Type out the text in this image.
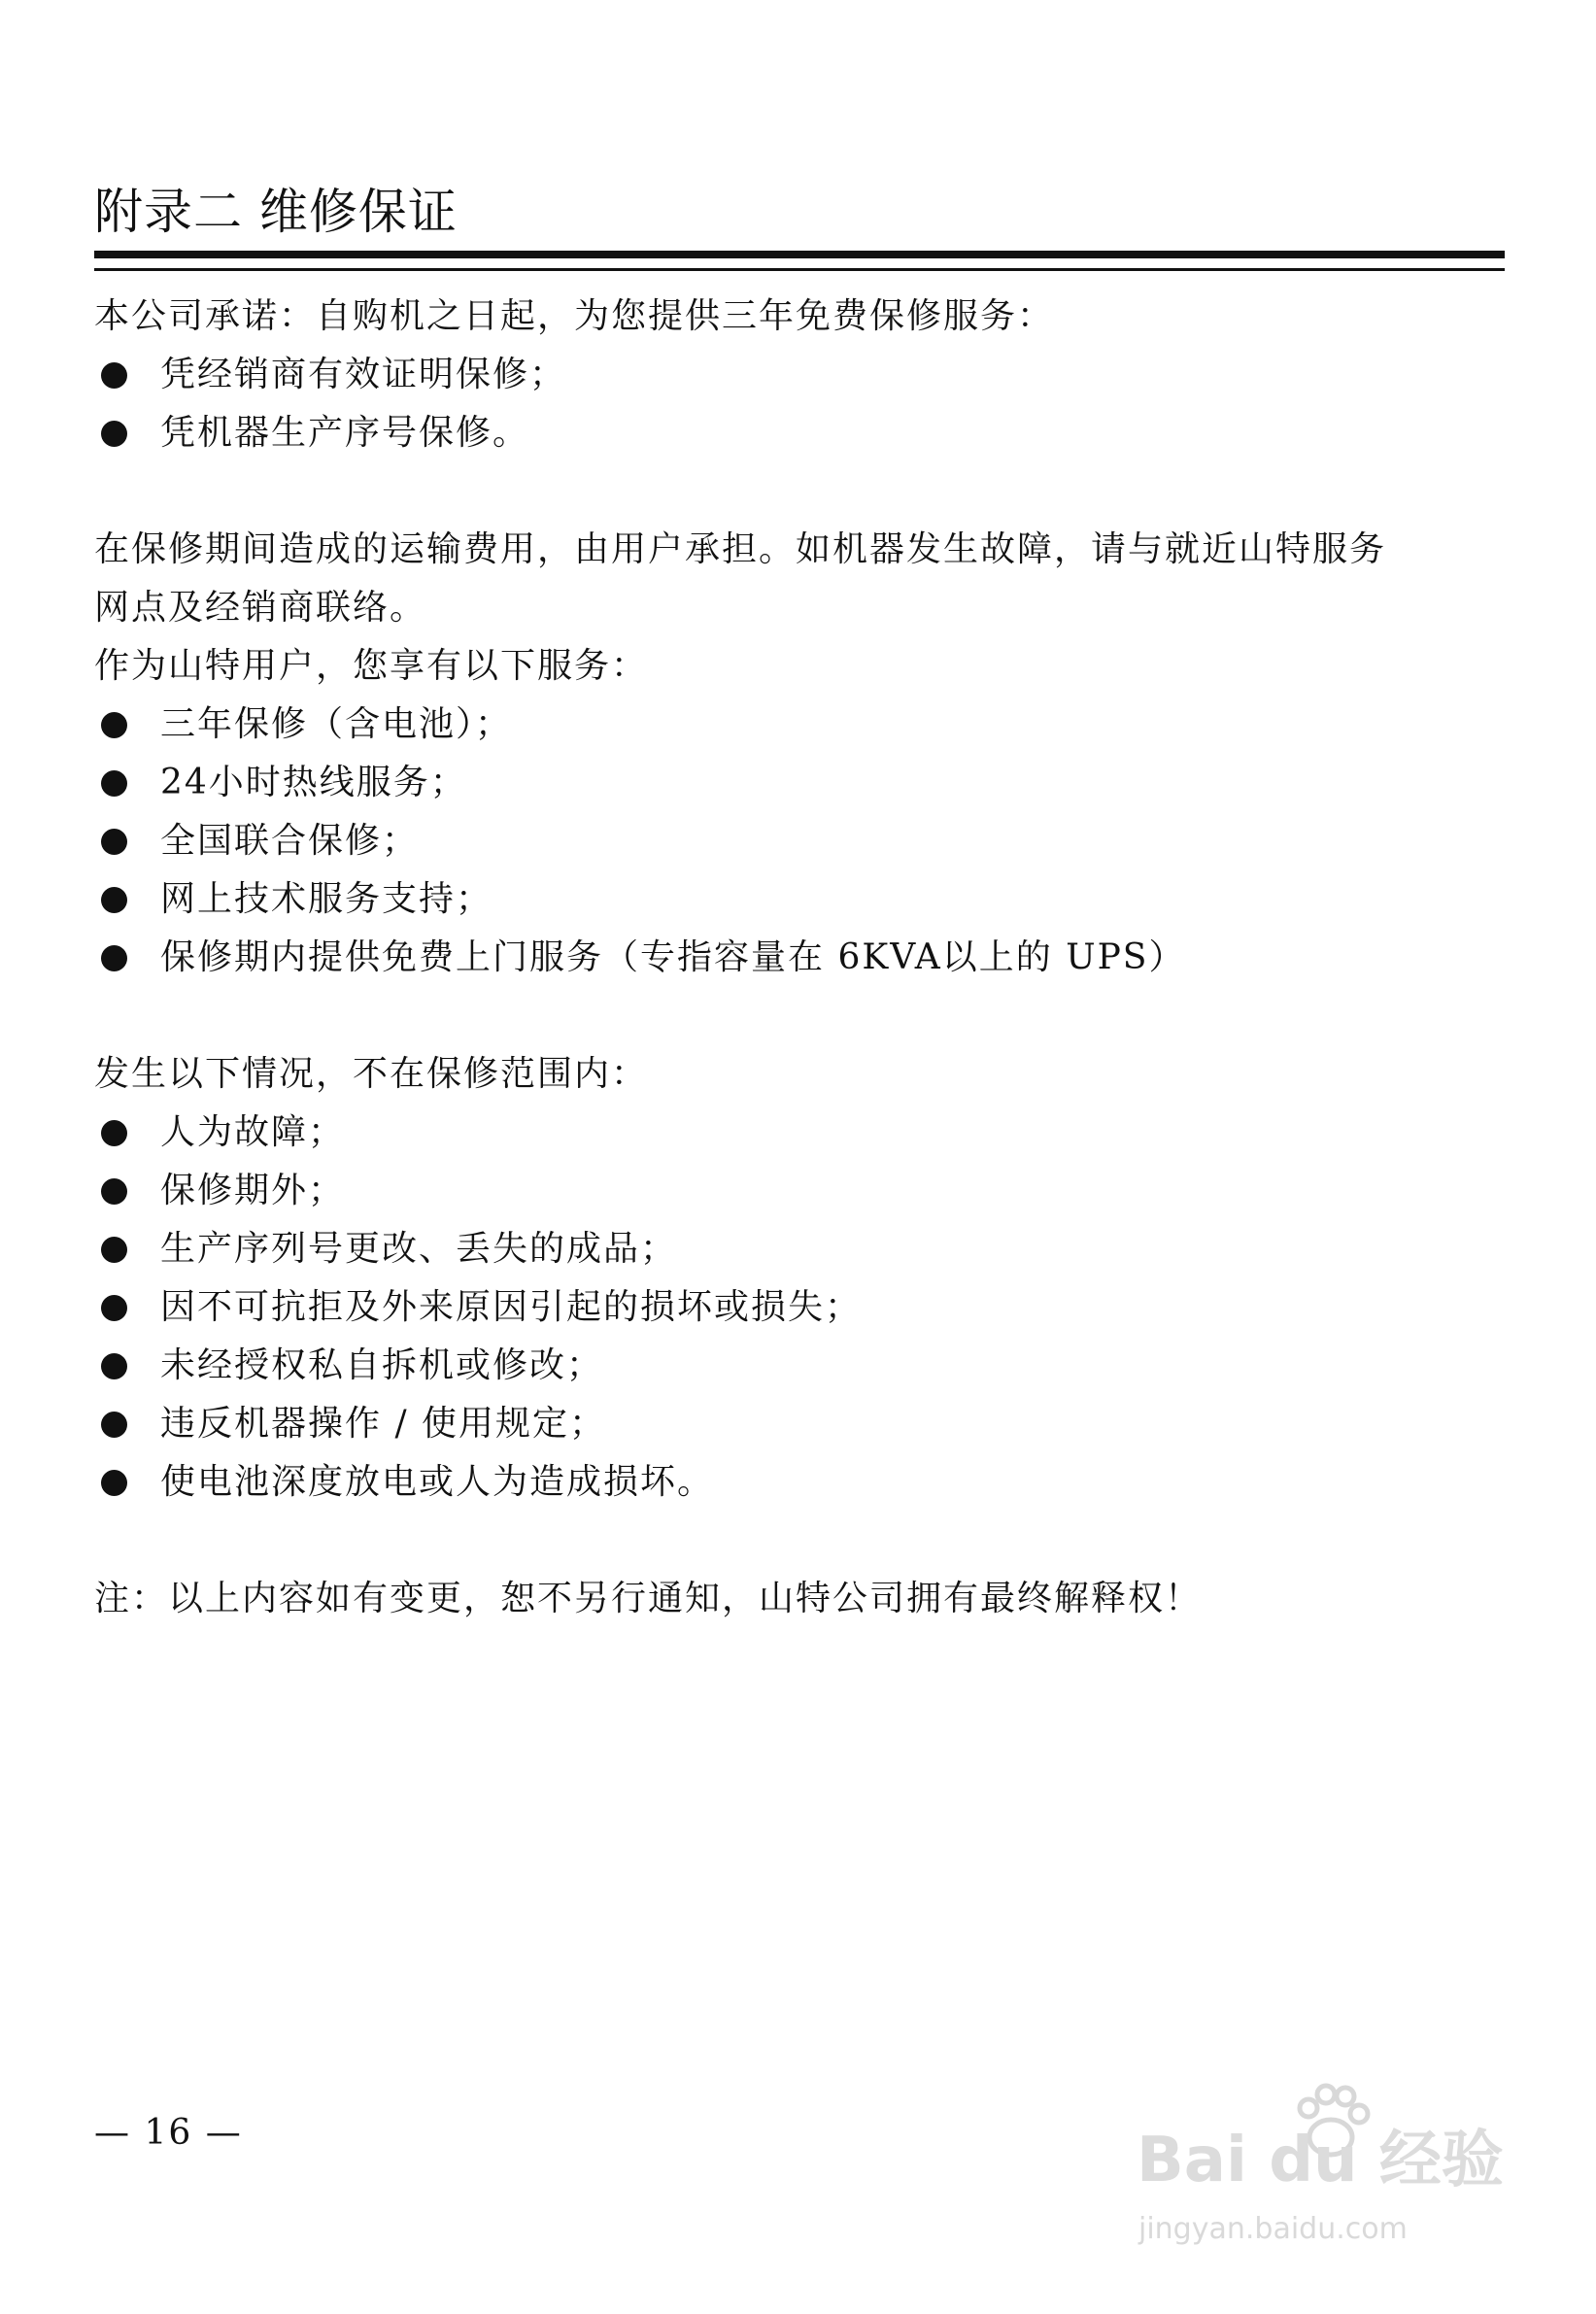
附录二 维修保证
本公司承诺：自购机之日起，为您提供三年免费保修服务：
凭经销商有效证明保修；
凭机器生产序号保修。
在保修期间造成的运输费用，由用户承担。如机器发生故障，请与就近山特服务
网点及经销商联络。
作为山特用户，您享有以下服务：
三年保修（含电池）；
24小时热线服务；
全国联合保修；
网上技术服务支持；
保修期内提供免费上门服务（专指容量在 6KVA以上的 UPS）
发生以下情况，不在保修范围内：
人为故障；
保修期外；
生产序列号更改、丢失的成品；
因不可抗拒及外来原因引起的损坏或损失；
未经授权私自拆机或修改；
违反机器操作 / 使用规定；
使电池深度放电或人为造成损坏。
注：以上内容如有变更，恕不另行通知，山特公司拥有最终解释权！
— 16 —	Bai du 经验
jingyan.baidu.com
